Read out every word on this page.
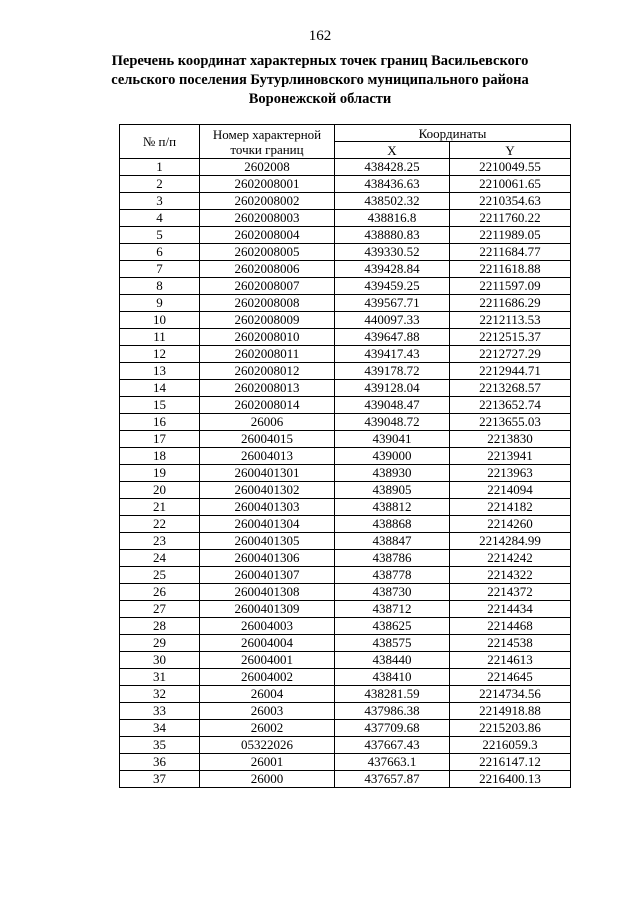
162
Перечень координат характерных точек границ Васильевского
сельского поселения Бутурлиновского муниципального района
Воронежской области
№ п/п	Номер характерной точки границ	Координаты	
		X	Y
1	2602008	438428.25	2210049.55
2	2602008001	438436.63	2210061.65
3	2602008002	438502.32	2210354.63
4	2602008003	438816.8	2211760.22
5	2602008004	438880.83	2211989.05
6	2602008005	439330.52	2211684.77
7	2602008006	439428.84	2211618.88
8	2602008007	439459.25	2211597.09
9	2602008008	439567.71	2211686.29
10	2602008009	440097.33	2212113.53
11	2602008010	439647.88	2212515.37
12	2602008011	439417.43	2212727.29
13	2602008012	439178.72	2212944.71
14	2602008013	439128.04	2213268.57
15	2602008014	439048.47	2213652.74
16	26006	439048.72	2213655.03
17	26004015	439041	2213830
18	26004013	439000	2213941
19	2600401301	438930	2213963
20	2600401302	438905	2214094
21	2600401303	438812	2214182
22	2600401304	438868	2214260
23	2600401305	438847	2214284.99
24	2600401306	438786	2214242
25	2600401307	438778	2214322
26	2600401308	438730	2214372
27	2600401309	438712	2214434
28	26004003	438625	2214468
29	26004004	438575	2214538
30	26004001	438440	2214613
31	26004002	438410	2214645
32	26004	438281.59	2214734.56
33	26003	437986.38	2214918.88
34	26002	437709.68	2215203.86
35	05322026	437667.43	2216059.3
36	26001	437663.1	2216147.12
37	26000	437657.87	2216400.13
